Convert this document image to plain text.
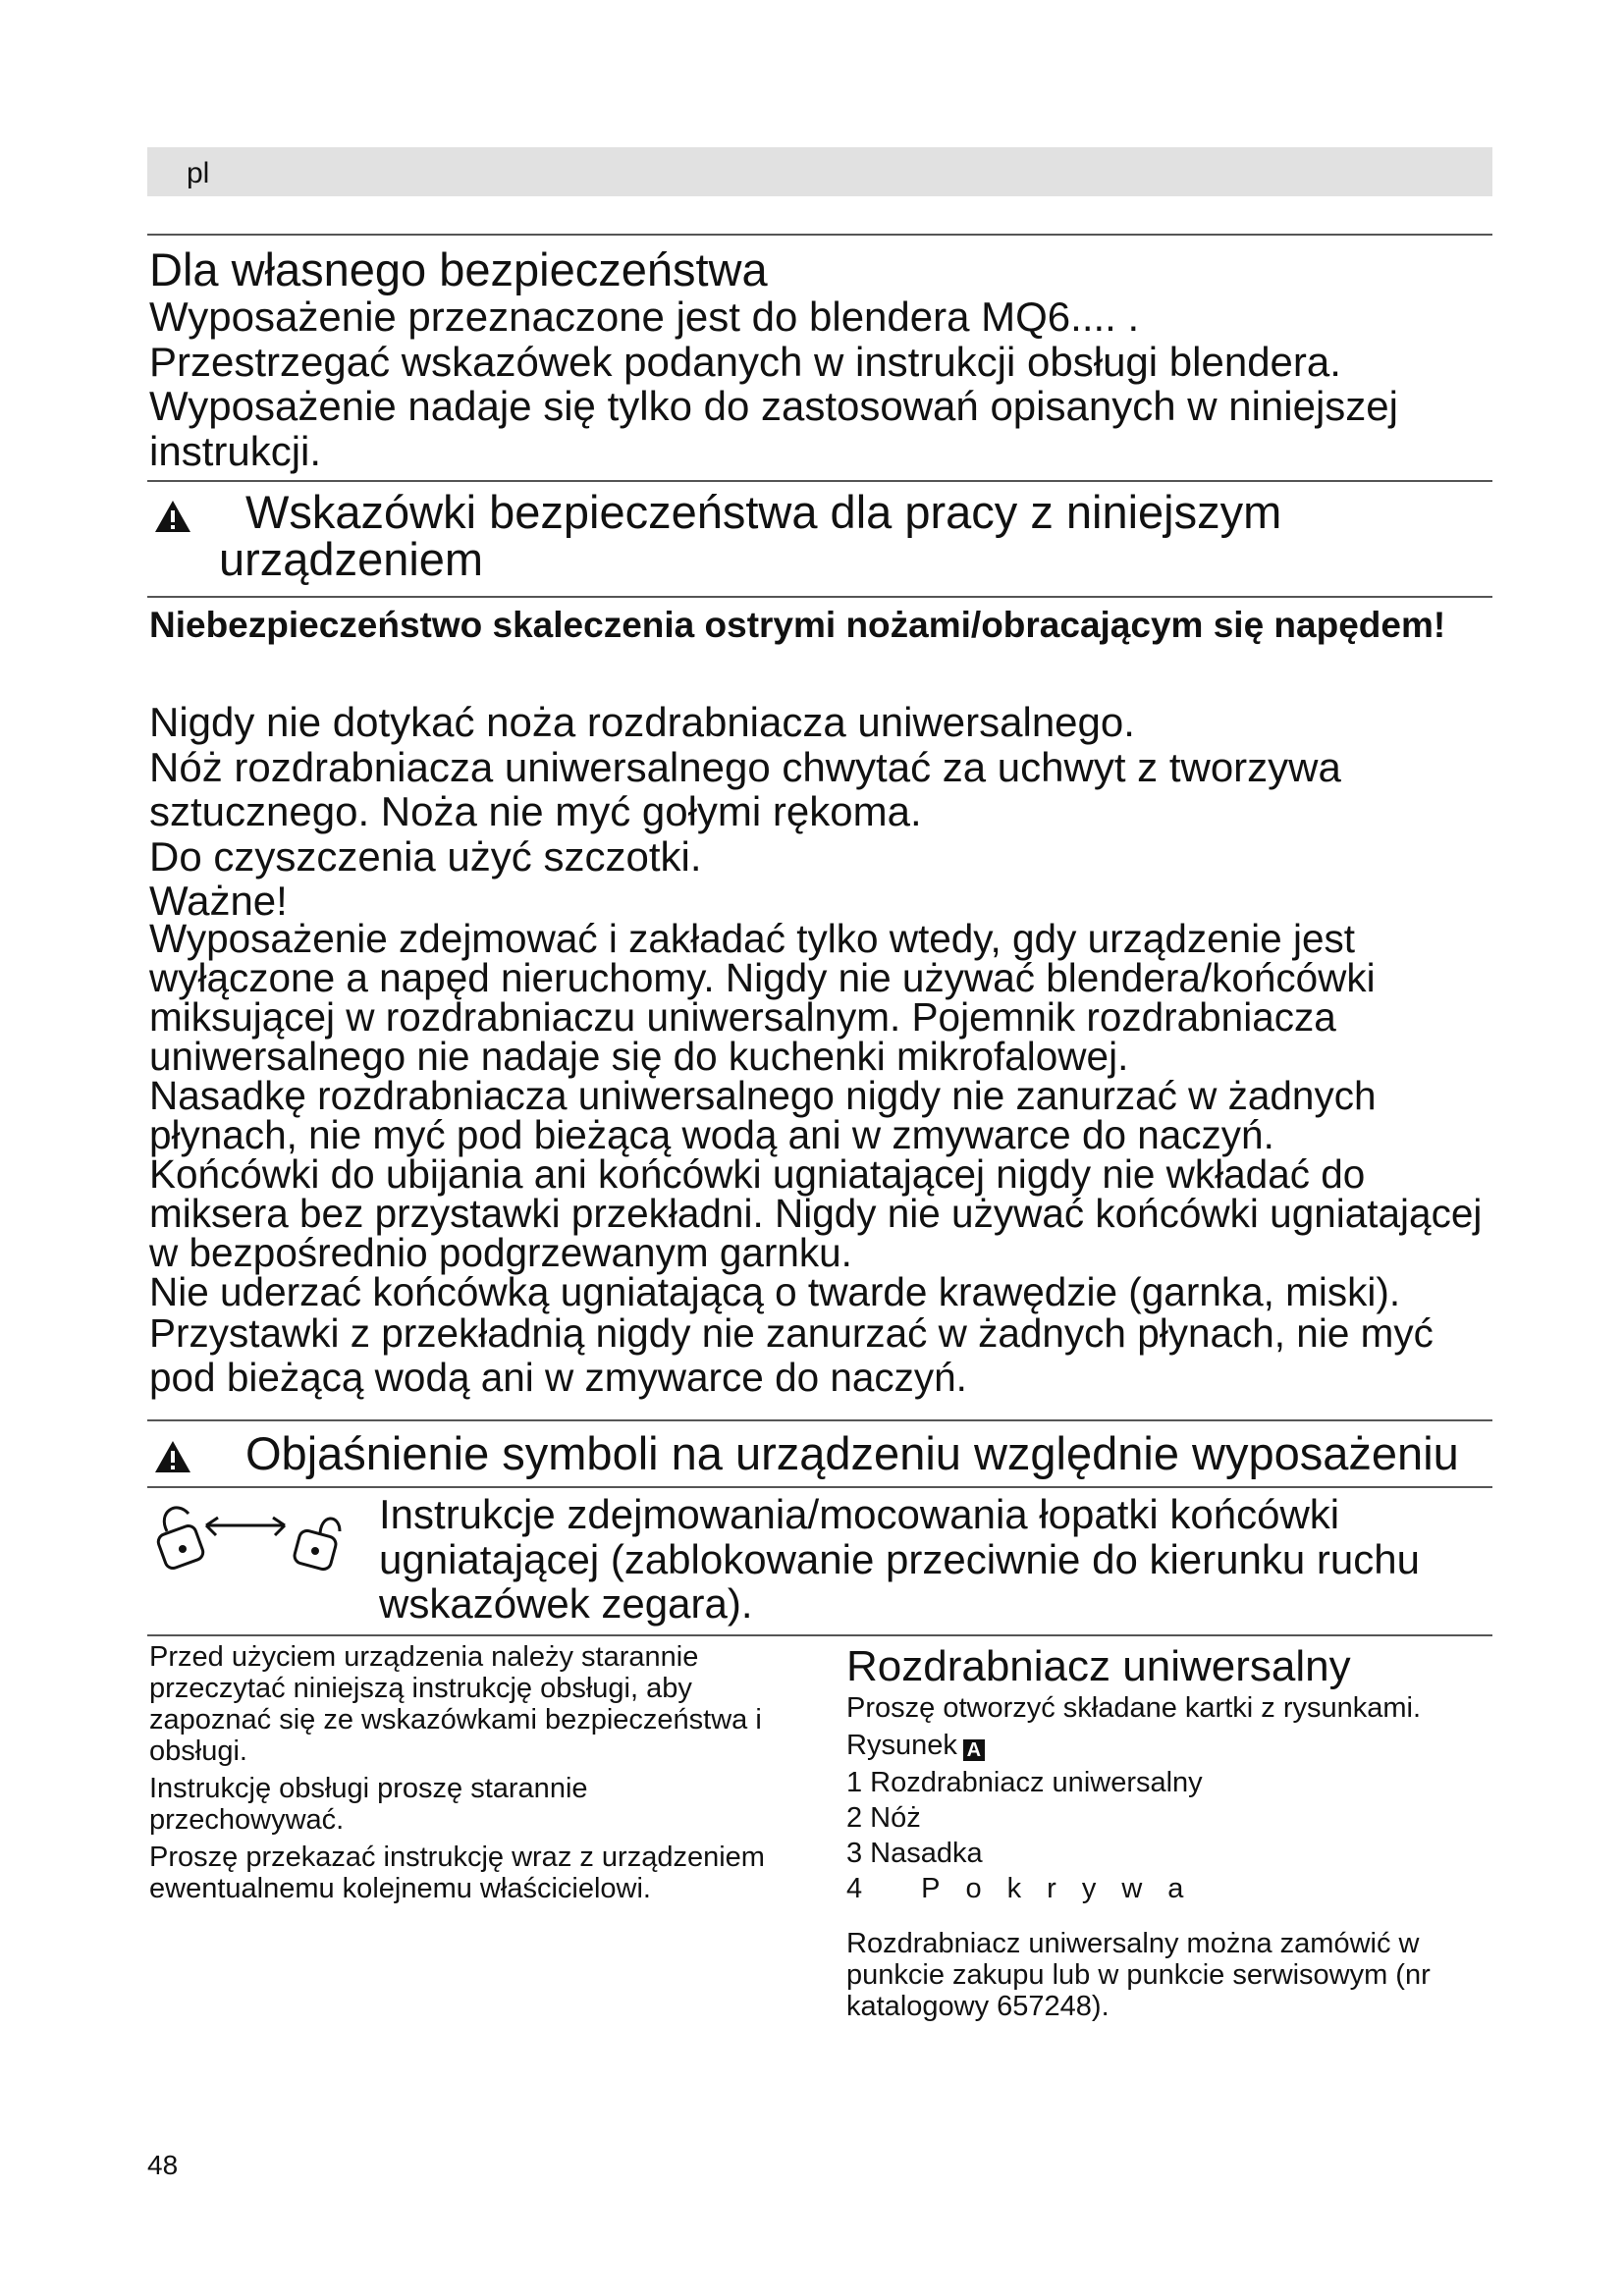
pl
Dla własnego bezpieczeństwa

Wyposażenie przeznaczone jest do blendera MQ6.... .

Przestrzegać wskazówek podanych w instrukcji obsługi blendera.

Wyposażenie nadaje się tylko do zastosowań opisanych w niniejszej instrukcji.

Wskazówki bezpieczeństwa dla pracy z niniejszym
urządzeniem
Niebezpieczeństwo skaleczenia ostrymi nożami/obracającym się napędem!

Nigdy nie dotykać noża rozdrabniacza uniwersalnego.

Nóż rozdrabniacza uniwersalnego chwytać za uchwyt z tworzywa sztucznego. Noża nie myć gołymi rękoma.

Do czyszczenia użyć szczotki.

Ważne!

Wyposażenie zdejmować i zakładać tylko wtedy, gdy urządzenie jest wyłączone a napęd nieruchomy. Nigdy nie używać blendera/końcówki miksującej w rozdrabniaczu uniwersalnym. Pojemnik rozdrabniacza uniwersalnego nie nadaje się do kuchenki mikrofalowej.

Nasadkę rozdrabniacza uniwersalnego nigdy nie zanurzać w żadnych płynach, nie myć pod bieżącą wodą ani w zmywarce do naczyń.

Końcówki do ubijania ani końcówki ugniatającej nigdy nie wkładać do miksera bez przystawki przekładni. Nigdy nie używać końcówki ugniatającej w bezpośrednio podgrzewanym garnku.

Nie uderzać końcówką ugniatającą o twarde krawędzie (garnka, miski).

Przystawki z przekładnią nigdy nie zanurzać w żadnych płynach, nie myć pod bieżącą wodą ani w zmywarce do naczyń.

Objaśnienie symboli na urządzeniu względnie wyposażeniu
Instrukcje zdejmowania/mocowania łopatki końcówki ugniatającej (zablokowanie przeciwnie do kierunku ruchu wskazówek zegara).

Przed użyciem urządzenia należy starannie przeczytać niniejszą instrukcję obsługi, aby zapoznać się ze wskazówkami bezpieczeństwa i obsługi.

Instrukcję obsługi proszę starannie przechowywać.

Proszę przekazać instrukcję wraz z urządzeniem ewentualnemu kolejnemu właścicielowi.

Rozdrabniacz uniwersalny

Proszę otworzyć składane kartki z rysunkami.

Rysunek A

1 Rozdrabniacz uniwersalny

2 Nóż

3 Nasadka

4 Pokrywa

Rozdrabniacz uniwersalny można zamówić w punkcie zakupu lub w punkcie serwisowym (nr katalogowy 657248).

48
